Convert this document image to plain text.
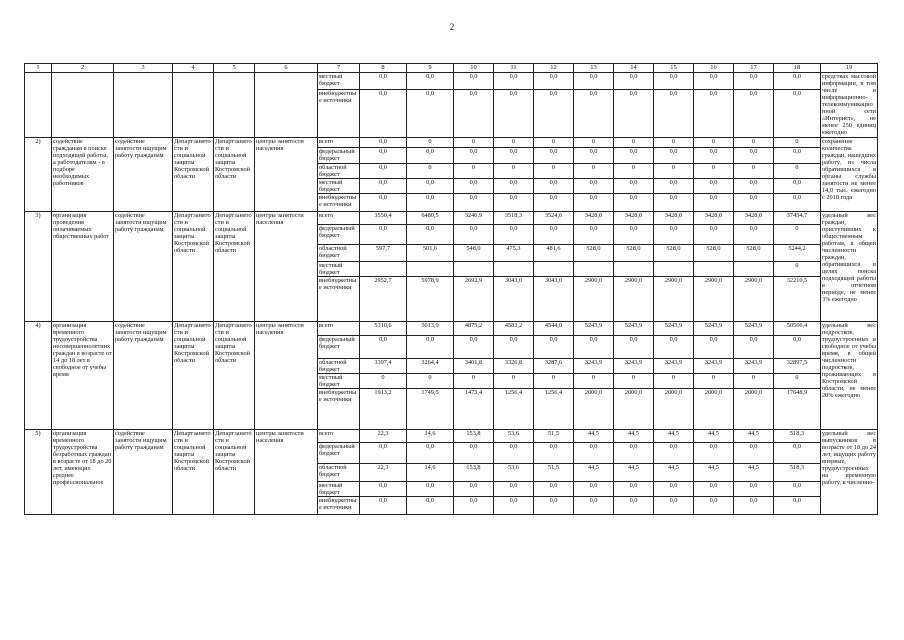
2
1	2	3	4	5	6	7	8	9	10	11	12	13	14	15	16	17	18	19
						местный бюджет	0,0	0,0	0,0	0,0	0,0	0,0	0,0	0,0	0,0	0,0	0,0	средствах массовой информации, в том числе в информационно-телекоммуникационной сети «Интернет», не менее 250 единиц ежегодно
						внебюджетные источники	0,0	0,0	0,0	0,0	0,0	0,0	0,0	0,0	0,0	0,0	0,0	
2)	содействие гражданам в поиске подходящей работы, а работодателям - в подборе необходимых работников	содействие занятости ищущим работу гражданам	Департзанятости и социальной защиты Костромской области	Департзанятости и социальной защиты Костромской области	центры занятости населения	всего	0,0	0	0	0	0	0	0	0	0	0	0	сохранение количества граждан, нашедших работу, из числа обратившихся в органы службы занятости не менее 14,0 тыс. ежегодно с 2018 года
						федеральный бюджет	0,0	0,0	0,0	0,0	0,0	0,0	0,0	0,0	0,0	0,0	0,0	
						областной бюджет	0,0	0	0	0	0	0	0	0	0	0	0	
						местный бюджет	0,0	0,0	0,0	0,0	0,0	0,0	0,0	0,0	0,0	0,0	0,0	
						внебюджетные источники	0,0	0,0	0,0	0,0	0,0	0,0	0,0	0,0	0,0	0,0	0,0	
3)	организация проведения оплачиваемых общественных работ	содействие занятости ищущим работу гражданам	Департзанятости и социальной защиты Костромской области	Департзанятости и социальной защиты Костромской области	центры занятости населения	всего	3550,4	6480,5	3240,9	3518,3	3524,6	3428,0	3428,0	3428,0	3428,0	3428,0	37454,7	удельный вес граждан, приступивших к общественным работам, в общей численности граждан, обратившихся в целях поиска подходящей работы в отчетном периоде, не менее 3% ежегодно
						федеральный бюджет	0,0	0,0	0,0	0,0	0,0	0,0	0,0	0,0	0,0	0,0	0	
						областной бюджет	597,7	501,6	548,0	475,3	481,6	528,0	528,0	528,0	528,0	528,0	5244,2	
						местный бюджет											0	
						внебюджетные источники	2952,7	5978,9	2692,9	3043,0	3043,0	2900,0	2900,0	2900,0	2900,0	2900,0	32210,5	
4)	организация временного трудоустройства несовершеннолетних граждан в возрасте от 14 до 18 лет в свободное от учебы время	содействие занятости ищущим работу гражданам	Департзанятости и социальной защиты Костромской области	Департзанятости и социальной защиты Костромской области	центры занятости населения	всего	5310,6	5013,9	4875,2	4583,2	4544,0	5243,9	5243,9	5243,9	5243,9	5243,9	50566,4	удельный вес подростков, трудоустроенных в свободное от учебы время, в общей численности подростков, проживающих в Костромской области, не менее 20% ежегодно
						федеральный бюджет	0,0	0,0	0,0	0,0	0,0	0,0	0,0	0,0	0,0	0,0	0,0	
						областной бюджет	3397,4	3264,4	3401,8	3326,8	3287,6	3243,9	3243,9	3243,9	3243,9	3243,9	32897,5	
						местный бюджет	0	0	0	0	0	0	0	0	0	0	0	
						внебюджетные источники	1913,2	1749,5	1473,4	1256,4	1256,4	2000,0	2000,0	2000,0	2000,0	2000,0	17648,9	
5)	организация временного трудоустройства безработных граждан в возрасте от 18 до 20 лет, имеющих среднее профессиональное	содействие занятости ищущим работу гражданам	Департзанятости и социальной защиты Костромской области	Департзанятости и социальной защиты Костромской области	центры занятости населения	всего	22,3	14,6	153,8	53,6	51,5	44,5	44,5	44,5	44,5	44,5	518,3	удельный вес выпускников в возрасте от 18 до 24 лет, ищущих работу впервые, трудоустроенных на временную работу, к численно-
						федеральный бюджет	0,0	0,0	0,0	0,0	0,0	0,0	0,0	0,0	0,0	0,0	0,0	
						областной бюджет	22,3	14,6	153,8	53,6	51,5	44,5	44,5	44,5	44,5	44,5	518,3	
						местный бюджет	0,0	0,0	0,0	0,0	0,0	0,0	0,0	0,0	0,0	0,0	0,0	
						внебюджетные источники	0,0	0,0	0,0	0,0	0,0	0,0	0,0	0,0	0,0	0,0	0,0	
